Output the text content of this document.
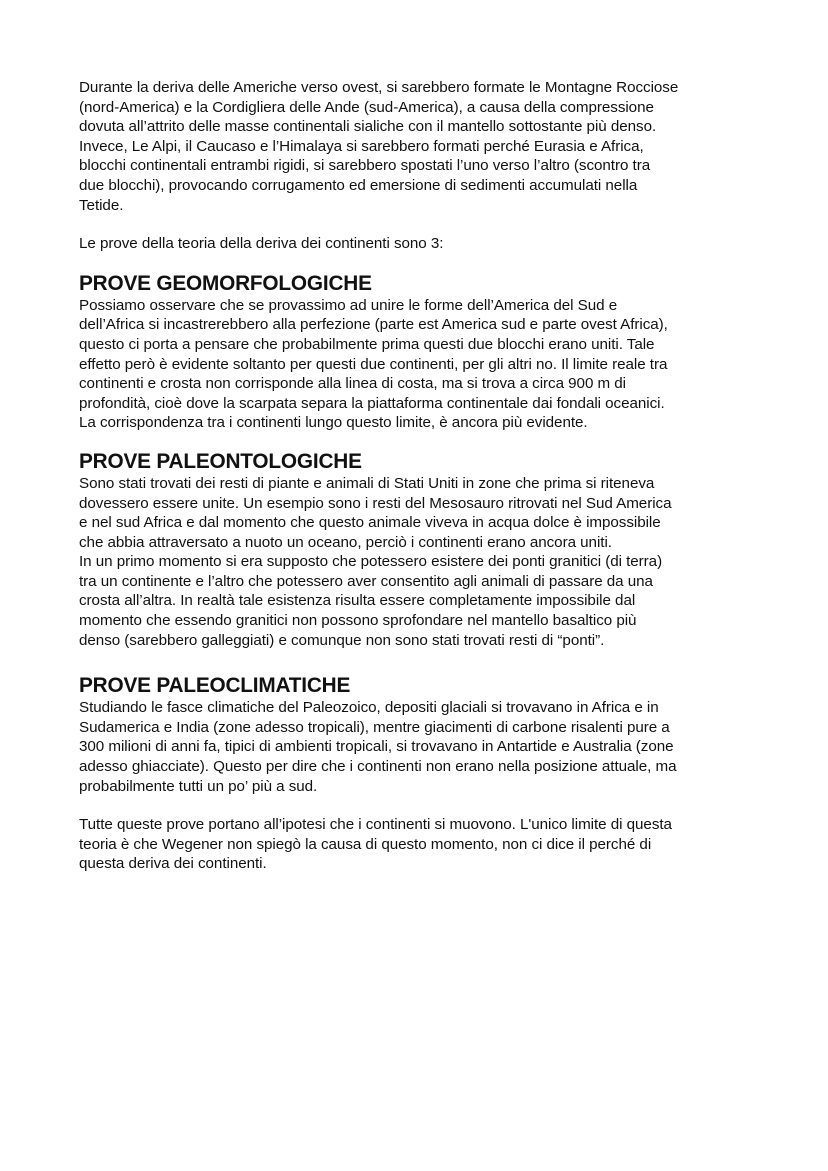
Durante la deriva delle Americhe verso ovest, si sarebbero formate le Montagne Rocciose
(nord-America) e la Cordigliera delle Ande (sud-America), a causa della compressione
dovuta all’attrito delle masse continentali sialiche con il mantello sottostante più denso.
Invece, Le Alpi, il Caucaso e l’Himalaya si sarebbero formati perché Eurasia e Africa,
blocchi continentali entrambi rigidi, si sarebbero spostati l’uno verso l’altro (scontro tra
due blocchi), provocando corrugamento ed emersione di sedimenti accumulati nella
Tetide.

Le prove della teoria della deriva dei continenti sono 3:

PROVE GEOMORFOLOGICHE

Possiamo osservare che se provassimo ad unire le forme dell’America del Sud e
dell’Africa si incastrerebbero alla perfezione (parte est America sud e parte ovest Africa),
questo ci porta a pensare che probabilmente prima questi due blocchi erano uniti. Tale
effetto però è evidente soltanto per questi due continenti, per gli altri no. Il limite reale tra
continenti e crosta non corrisponde alla linea di costa, ma si trova a circa 900 m di
profondità, cioè dove la scarpata separa la piattaforma continentale dai fondali oceanici.
La corrispondenza tra i continenti lungo questo limite, è ancora più evidente.

PROVE PALEONTOLOGICHE

Sono stati trovati dei resti di piante e animali di Stati Uniti in zone che prima si riteneva
dovessero essere unite. Un esempio sono i resti del Mesosauro ritrovati nel Sud America
e nel sud Africa e dal momento che questo animale viveva in acqua dolce è impossibile
che abbia attraversato a nuoto un oceano, perciò i continenti erano ancora uniti.
In un primo momento si era supposto che potessero esistere dei ponti granitici (di terra)
tra un continente e l’altro che potessero aver consentito agli animali di passare da una
crosta all’altra. In realtà tale esistenza risulta essere completamente impossibile dal
momento che essendo granitici non possono sprofondare nel mantello basaltico più
denso (sarebbero galleggiati) e comunque non sono stati trovati resti di “ponti”.

PROVE PALEOCLIMATICHE

Studiando le fasce climatiche del Paleozoico, depositi glaciali si trovavano in Africa e in
Sudamerica e India (zone adesso tropicali), mentre giacimenti di carbone risalenti pure a
300 milioni di anni fa, tipici di ambienti tropicali, si trovavano in Antartide e Australia (zone
adesso ghiacciate). Questo per dire che i continenti non erano nella posizione attuale, ma
probabilmente tutti un po’ più a sud.

Tutte queste prove portano all’ipotesi che i continenti si muovono. L'unico limite di questa
teoria è che Wegener non spiegò la causa di questo momento, non ci dice il perché di
questa deriva dei continenti.
